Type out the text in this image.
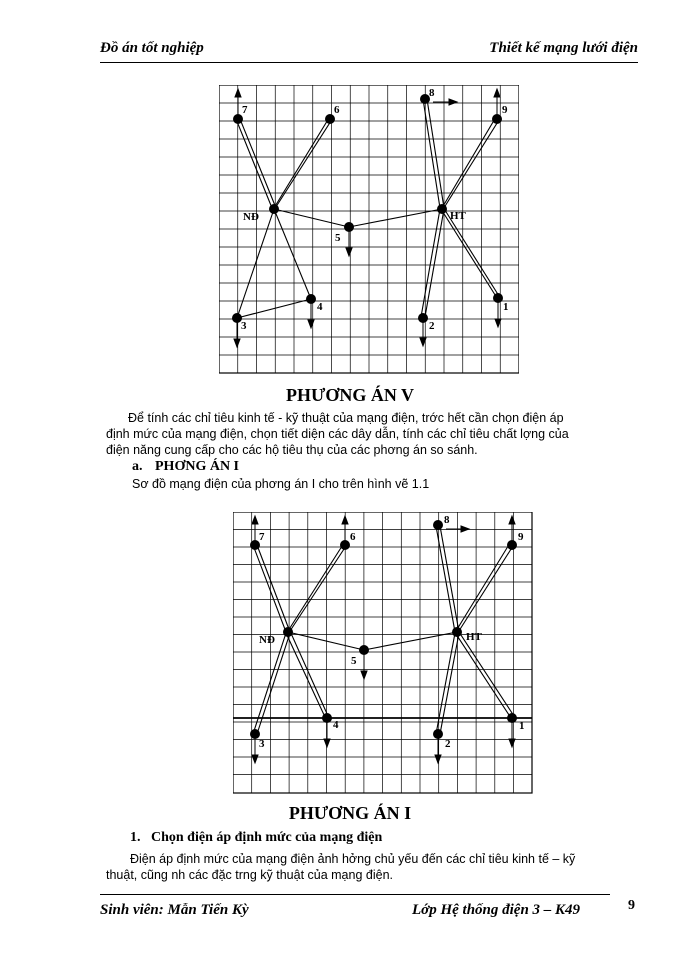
Đồ án tốt nghiệp	Thiết kế mạng lưới điện
7	6
8
9
NĐ	HT
5
4
3	2
1
PHƯƠNG ÁN V
Để tính các chỉ tiêu kinh tế - kỹ thuật của mạng điện, trớc hết cần chọn điện áp
định mức của mạng điện, chọn tiết diện các dây dẫn, tính các chỉ tiêu chất lợng của
điện năng cung cấp cho các hộ tiêu thụ của các phơng án so sánh.
a. PHƠNG ÁN I
Sơ đồ mạng điện của phơng án I cho trên hình vẽ 1.1
7	6
8
9
NĐ	HT
5
4
3	2
1
PHƯƠNG ÁN I
1. Chọn điện áp định mức của mạng điện
Điện áp định mức của mạng điện ảnh hởng chủ yếu đến các chỉ tiêu kinh tế – kỹ
thuật, cũng nh các đặc trng kỹ thuật của mạng điện.
Sinh viên: Mẫn Tiến Kỳ	Lớp Hệ thống điện 3 – K49	9
